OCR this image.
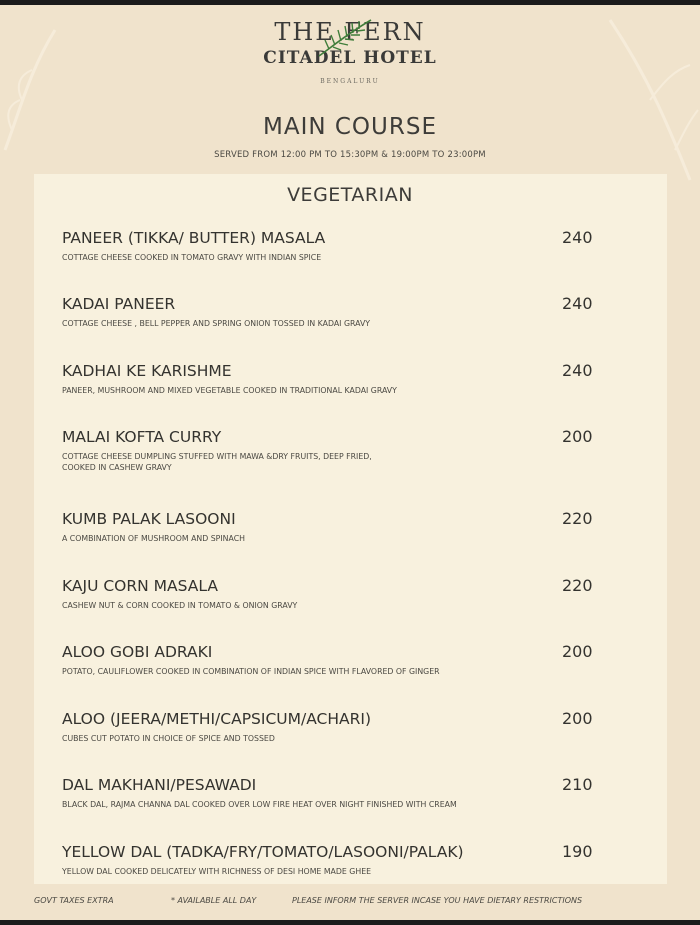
THE FERN
CITADEL HOTEL
BENGALURU
MAIN COURSE
SERVED FROM 12:00 PM TO 15:30PM & 19:00PM TO 23:00PM
VEGETARIAN
PANEER (TIKKA/ BUTTER) MASALA
COTTAGE CHEESE COOKED IN TOMATO GRAVY WITH INDIAN SPICE
240
KADAI PANEER
COTTAGE CHEESE , BELL PEPPER AND SPRING ONION TOSSED IN KADAI GRAVY
240
KADHAI KE KARISHME
PANEER, MUSHROOM AND MIXED VEGETABLE COOKED IN TRADITIONAL KADAI GRAVY
240
MALAI KOFTA CURRY
COTTAGE CHEESE DUMPLING STUFFED WITH MAWA &DRY FRUITS, DEEP FRIED,
COOKED IN CASHEW GRAVY
200
KUMB PALAK LASOONI
A COMBINATION OF MUSHROOM AND SPINACH
220
KAJU CORN MASALA
CASHEW NUT & CORN COOKED IN TOMATO & ONION GRAVY
220
ALOO GOBI ADRAKI
POTATO, CAULIFLOWER COOKED IN COMBINATION OF INDIAN SPICE WITH FLAVORED OF GINGER
200
ALOO (JEERA/METHI/CAPSICUM/ACHARI)
CUBES CUT POTATO IN CHOICE OF SPICE AND TOSSED
200
DAL MAKHANI/PESAWADI
BLACK DAL, RAJMA CHANNA DAL COOKED OVER LOW FIRE HEAT OVER NIGHT FINISHED WITH CREAM
210
YELLOW DAL (TADKA/FRY/TOMATO/LASOONI/PALAK)
YELLOW DAL COOKED DELICATELY WITH RICHNESS OF DESI HOME MADE GHEE
190
GOVT TAXES EXTRA	* AVAILABLE ALL DAY	PLEASE INFORM THE SERVER INCASE YOU HAVE DIETARY RESTRICTIONS
